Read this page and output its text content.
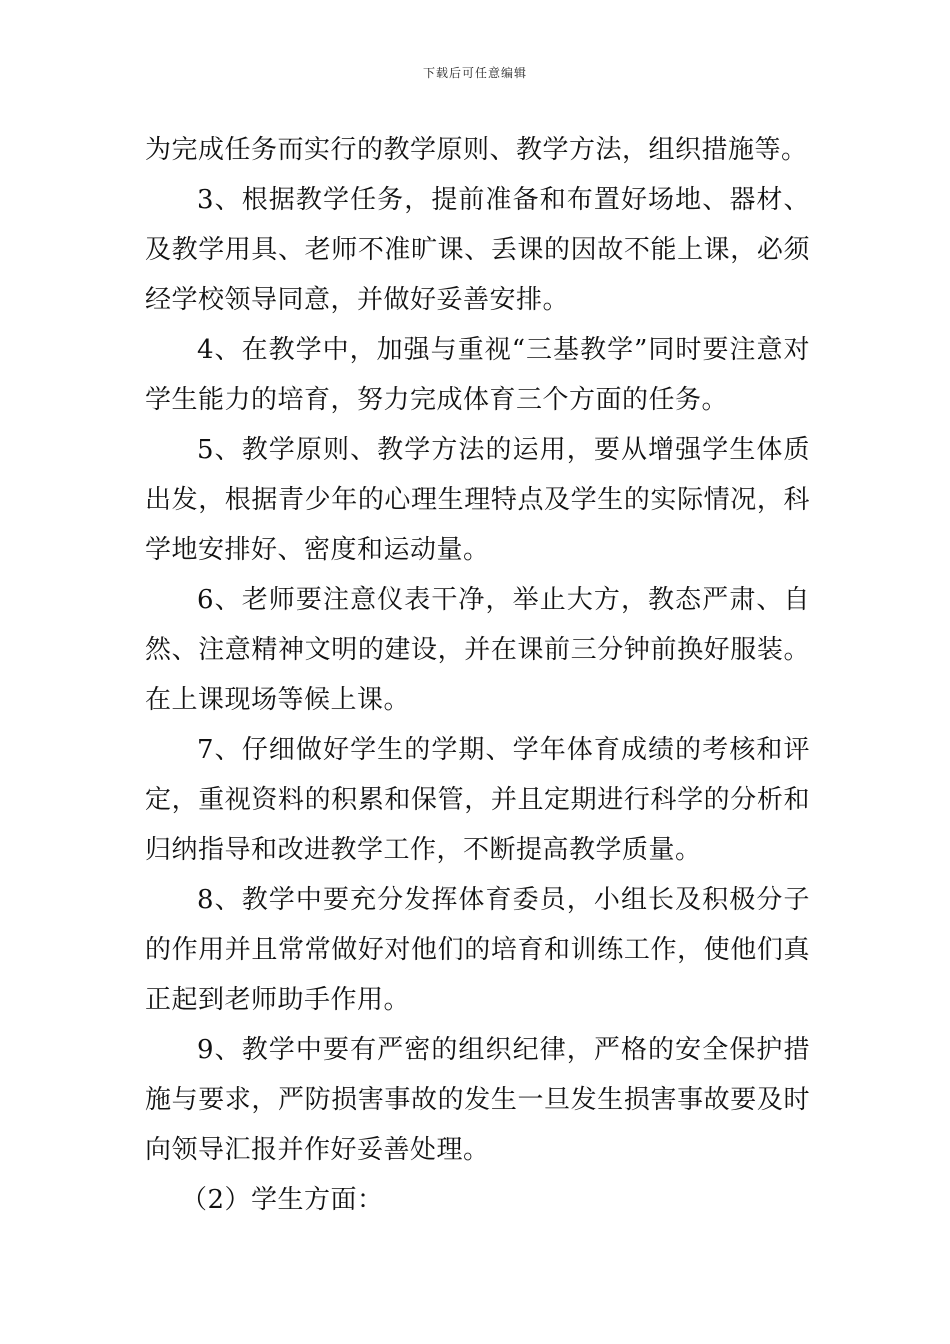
下载后可任意编辑

为完成任务而实行的教学原则、教学方法，组织措施等。

3、根据教学任务，提前准备和布置好场地、器材、及教学用具、老师不准旷课、丢课的因故不能上课，必须经学校领导同意，并做好妥善安排。

4、在教学中，加强与重视“三基教学”同时要注意对学生能力的培育，努力完成体育三个方面的任务。

5、教学原则、教学方法的运用，要从增强学生体质出发，根据青少年的心理生理特点及学生的实际情况，科学地安排好、密度和运动量。

6、老师要注意仪表干净，举止大方，教态严肃、自然、注意精神文明的建设，并在课前三分钟前换好服装。在上课现场等候上课。

7、仔细做好学生的学期、学年体育成绩的考核和评定，重视资料的积累和保管，并且定期进行科学的分析和归纳指导和改进教学工作，不断提高教学质量。

8、教学中要充分发挥体育委员，小组长及积极分子的作用并且常常做好对他们的培育和训练工作，使他们真正起到老师助手作用。

9、教学中要有严密的组织纪律，严格的安全保护措施与要求，严防损害事故的发生一旦发生损害事故要及时向领导汇报并作好妥善处理。

（2）学生方面：
